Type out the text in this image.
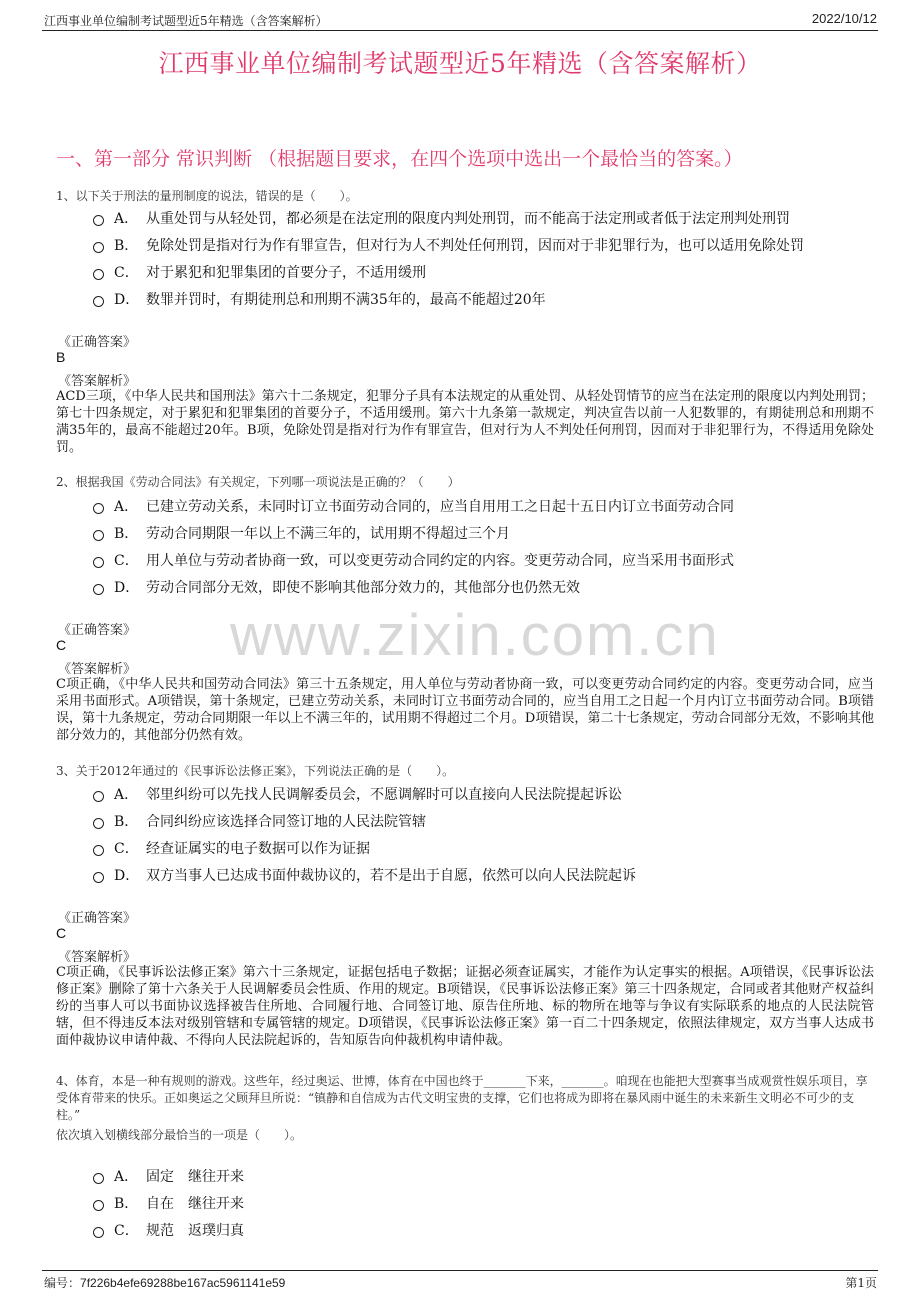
江西事业单位编制考试题型近5年精选（含答案解析）	2022/10/12
江西事业单位编制考试题型近5年精选（含答案解析）
一、第一部分 常识判断 （根据题目要求，在四个选项中选出一个最恰当的答案。）
www.zixin.com.cn
1、以下关于刑法的量刑制度的说法，错误的是（　　）。
A． 从重处罚与从轻处罚，都必须是在法定刑的限度内判处刑罚，而不能高于法定刑或者低于法定刑判处刑罚
B． 免除处罚是指对行为作有罪宣告，但对行为人不判处任何刑罚，因而对于非犯罪行为，也可以适用免除处罚
C． 对于累犯和犯罪集团的首要分子，不适用缓刑
D． 数罪并罚时，有期徒刑总和刑期不满35年的，最高不能超过20年
《正确答案》
B
《答案解析》
ACD三项，《中华人民共和国刑法》第六十二条规定，犯罪分子具有本法规定的从重处罚、从轻处罚情节的应当在法定刑的限度以内判处刑罚；第七十四条规定，对于累犯和犯罪集团的首要分子，不适用缓刑。第六十九条第一款规定，判决宣告以前一人犯数罪的，有期徒刑总和刑期不满35年的，最高不能超过20年。B项，免除处罚是指对行为作有罪宣告，但对行为人不判处任何刑罚，因而对于非犯罪行为，不得适用免除处罚。
2、根据我国《劳动合同法》有关规定，下列哪一项说法是正确的？（　　）
A． 已建立劳动关系，未同时订立书面劳动合同的，应当自用用工之日起十五日内订立书面劳动合同
B． 劳动合同期限一年以上不满三年的，试用期不得超过三个月
C． 用人单位与劳动者协商一致，可以变更劳动合同约定的内容。变更劳动合同，应当采用书面形式
D． 劳动合同部分无效，即使不影响其他部分效力的，其他部分也仍然无效
《正确答案》
C
《答案解析》
C项正确，《中华人民共和国劳动合同法》第三十五条规定，用人单位与劳动者协商一致，可以变更劳动合同约定的内容。变更劳动合同，应当采用书面形式。A项错误，第十条规定，已建立劳动关系，未同时订立书面劳动合同的，应当自用工之日起一个月内订立书面劳动合同。B项错误，第十九条规定，劳动合同期限一年以上不满三年的，试用期不得超过二个月。D项错误，第二十七条规定，劳动合同部分无效，不影响其他部分效力的，其他部分仍然有效。
3、关于2012年通过的《民事诉讼法修正案》，下列说法正确的是（　　）。
A． 邻里纠纷可以先找人民调解委员会，不愿调解时可以直接向人民法院提起诉讼
B． 合同纠纷应该选择合同签订地的人民法院管辖
C． 经查证属实的电子数据可以作为证据
D． 双方当事人已达成书面仲裁协议的，若不是出于自愿，依然可以向人民法院起诉
《正确答案》
C
《答案解析》
C项正确，《民事诉讼法修正案》第六十三条规定，证据包括电子数据；证据必须查证属实，才能作为认定事实的根据。A项错误，《民事诉讼法修正案》删除了第十六条关于人民调解委员会性质、作用的规定。B项错误，《民事诉讼法修正案》第三十四条规定，合同或者其他财产权益纠纷的当事人可以书面协议选择被告住所地、合同履行地、合同签订地、原告住所地、标的物所在地等与争议有实际联系的地点的人民法院管辖，但不得违反本法对级别管辖和专属管辖的规定。D项错误，《民事诉讼法修正案》第一百二十四条规定，依照法律规定，双方当事人达成书面仲裁协议申请仲裁、不得向人民法院起诉的，告知原告向仲裁机构申请仲裁。
4、体育，本是一种有规则的游戏。这些年，经过奥运、世博，体育在中国也终于_______下来，_______。咱现在也能把大型赛事当成观赏性娱乐项目，享受体育带来的快乐。正如奥运之父顾拜旦所说：“镇静和自信成为古代文明宝贵的支撑，它们也将成为即将在暴风雨中诞生的未来新生文明必不可少的支柱。”
依次填入划横线部分最恰当的一项是（　　）。
A． 固定　继往开来
B． 自在　继往开来
C． 规范　返璞归真
编号：7f226b4efe69288be167ac5961141e59	第1页
